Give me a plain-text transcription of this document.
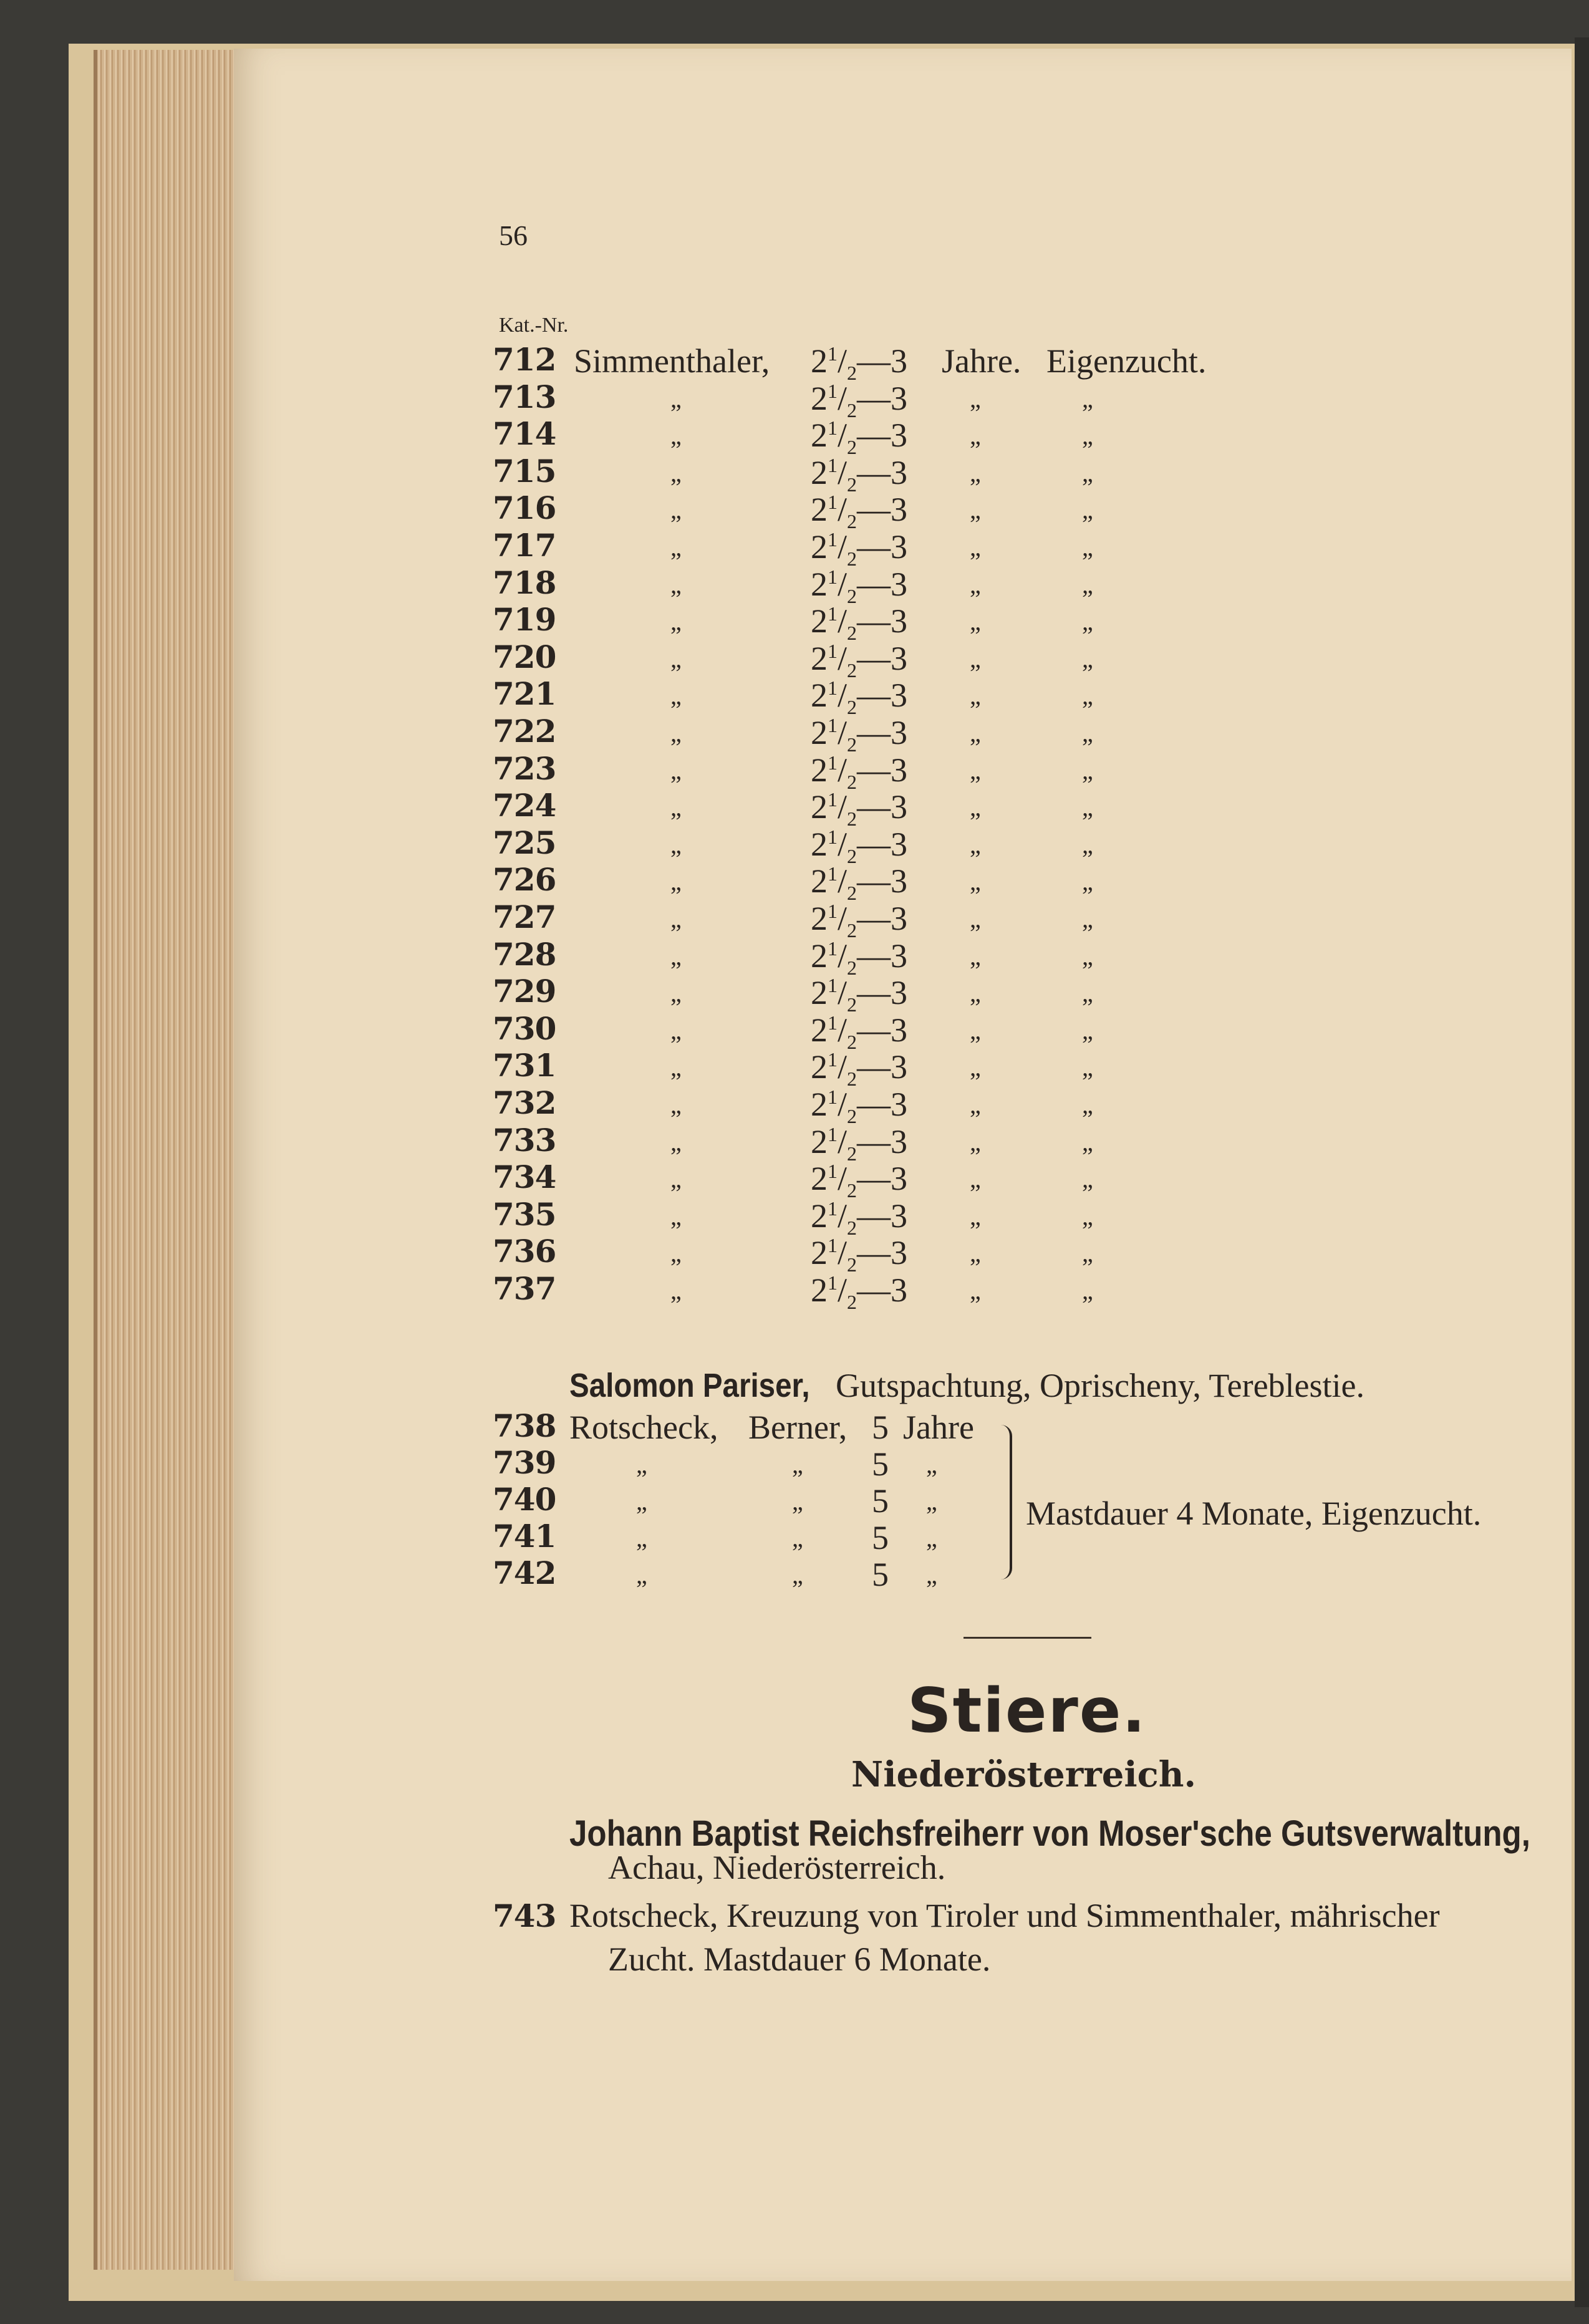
56
Kat.-Nr.
712 Simmenthaler, $2^1/_2—3$ Jahre. Eigenzucht.
713	„	$2^1/_2—3$ „	„
714	„	$2^1/_2—3$ „	„
715	„	$2^1/_2—3$ „	„
716	„	$2^1/_2—3$ „	„
717	„	$2^1/_2—3$ „	„
718	„	$2^1/_2—3$ „	„
719	„	$2^1/_2—3$ „	„
720	„	$2^1/_2—3$ „	„
721	„	$2^1/_2—3$ „	„
722	„	$2^1/_2—3$ „	„
723	„	$2^1/_2—3$ „	„
724	„	$2^1/_2—3$ „	„
725	„	$2^1/_2—3$ „	„
726	„	$2^1/_2—3$ „	„
727	„	$2^1/_2—3$ „	„
728	„	$2^1/_2—3$ „	„
729	„	$2^1/_2—3$ „	„
730	„	$2^1/_2—3$ „	„
731	„	$2^1/_2—3$ „	„
732	„	$2^1/_2—3$ „	„
733	„	$2^1/_2—3$ „	„
734	„	$2^1/_2—3$ „	„
735	„	$2^1/_2—3$ „	„
736	„	$2^1/_2—3$ „	„
737	„	$2^1/_2—3$ „	„
Salomon Pariser, Gutspachtung, Oprischeny, Tereblestie.
738 Rotscheck, Berner, 5 Jahre
739	„	„ 5 „
740	„	„ 5 „
741	„	„ 5 „
742	„	„ 5 „
Mastdauer 4 Monate, Eigenzucht.
Stiere.
Niederösterreich.
Johann Baptist Reichsfreiherr von Moser'sche Gutsverwaltung,
Achau, Niederösterreich.
743 Rotscheck, Kreuzung von Tiroler und Simmenthaler, mährischer
Zucht. Mastdauer 6 Monate.
